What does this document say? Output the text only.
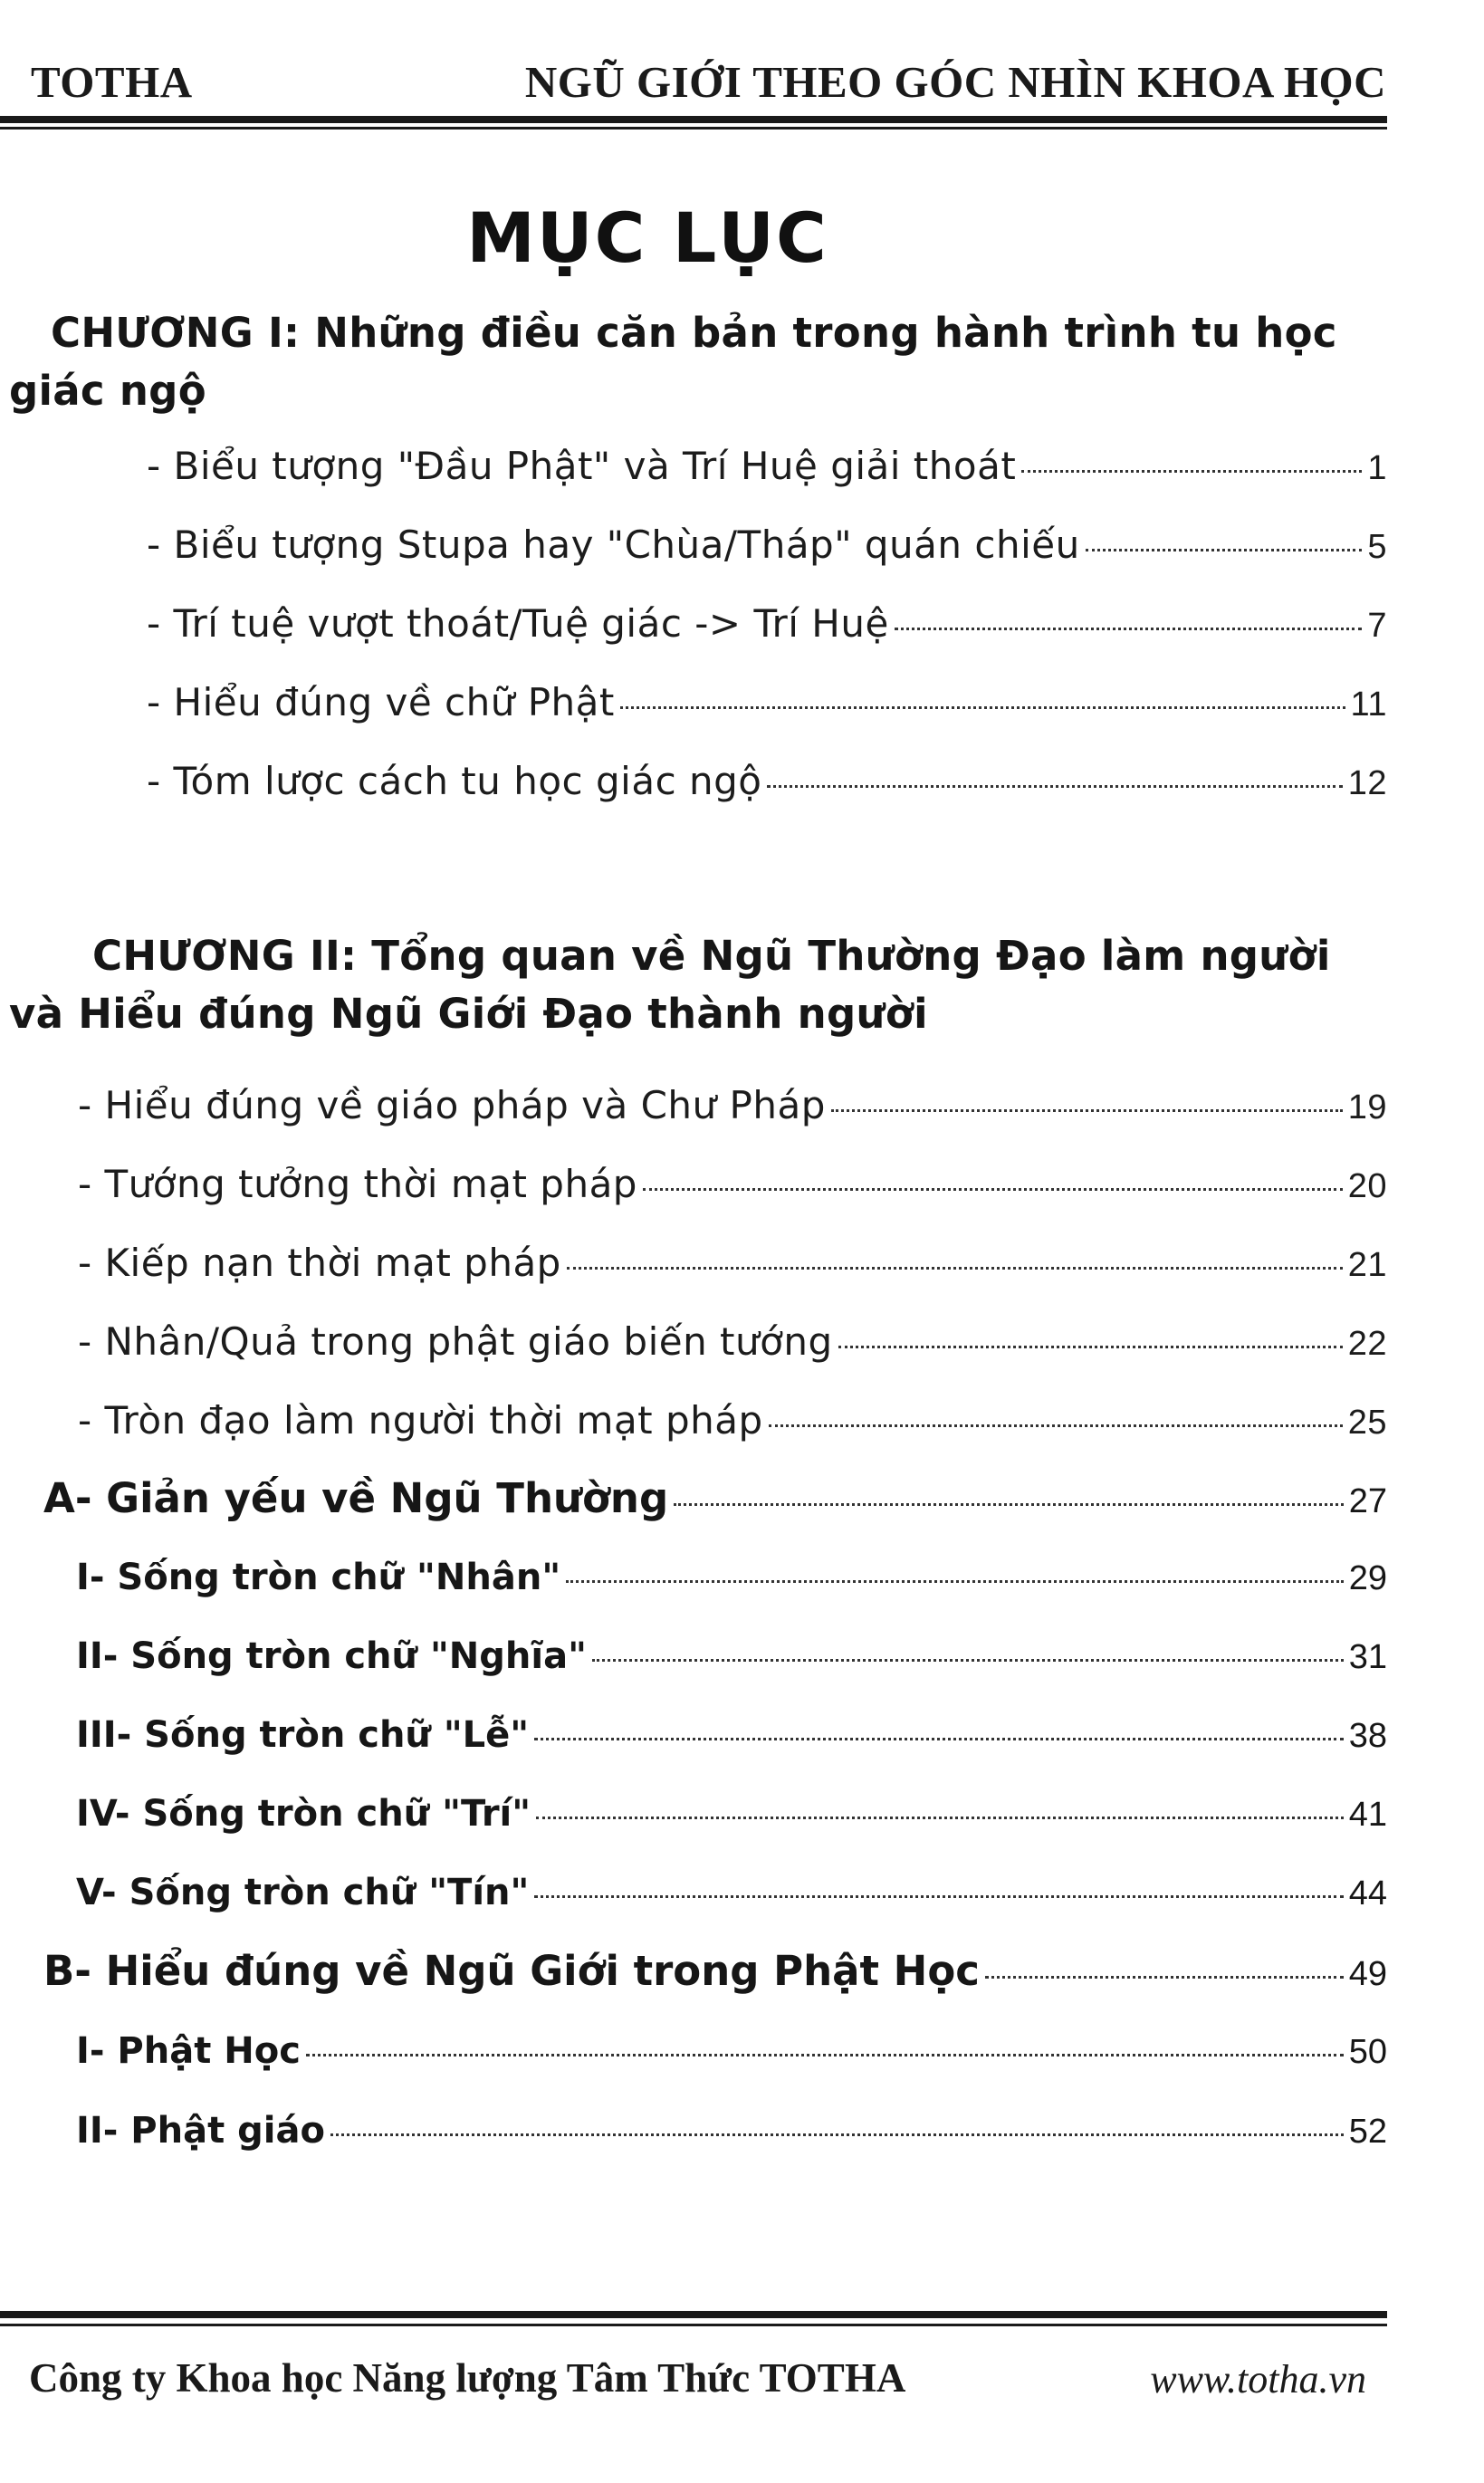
TOTHA	NGŨ GIỚI THEO GÓC NHÌN KHOA HỌC
MỤC LỤC
CHƯƠNG I: Những điều căn bản trong hành trình tu học
giác ngộ
- Biểu tượng "Đầu Phật" và Trí Huệ giải thoát	1
- Biểu tượng Stupa hay "Chùa/Tháp" quán chiếu	5
- Trí tuệ vượt thoát/Tuệ giác -> Trí Huệ	7
- Hiểu đúng về chữ Phật	11
- Tóm lược cách tu học giác ngộ	12
CHƯƠNG II: Tổng quan về Ngũ Thường Đạo làm người
và Hiểu đúng Ngũ Giới Đạo thành người
- Hiểu đúng về giáo pháp và Chư Pháp	19
- Tướng tưởng thời mạt pháp	20
- Kiếp nạn thời mạt pháp	21
- Nhân/Quả trong phật giáo biến tướng	22
- Tròn đạo làm người thời mạt pháp	25
A- Giản yếu về Ngũ Thường	27
I- Sống tròn chữ "Nhân"	29
II- Sống tròn chữ "Nghĩa"	31
III- Sống tròn chữ "Lễ"	38
IV- Sống tròn chữ "Trí"	41
V- Sống tròn chữ "Tín"	44
B- Hiểu đúng về Ngũ Giới trong Phật Học	49
I- Phật Học	50
II- Phật giáo	52
Công ty Khoa học Năng lượng Tâm Thức TOTHA	www.totha.vn
